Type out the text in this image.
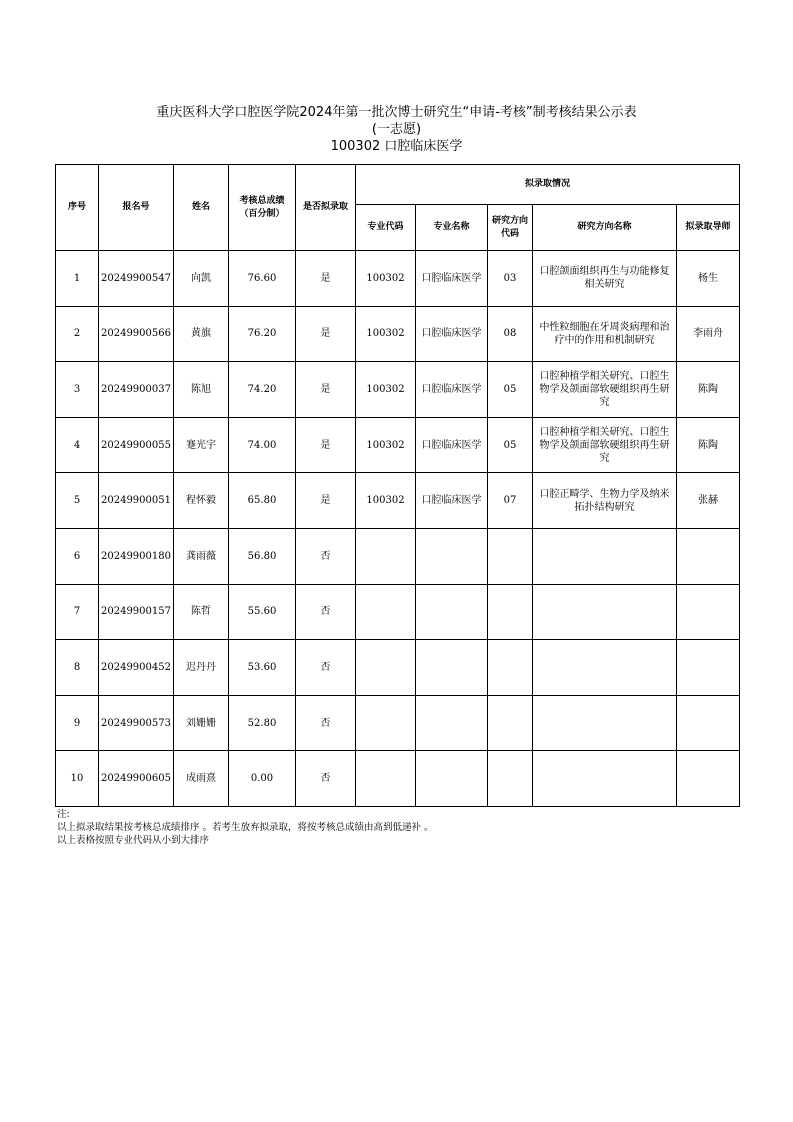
重庆医科大学口腔医学院2024年第一批次博士研究生“申请-考核”制考核结果公示表
(一志愿)
100302 口腔临床医学
序号	报名号	姓名	考核总成绩（百分制）	是否拟录取	拟录取情况				
					专业代码	专业名称	研究方向代码	研究方向名称	拟录取导师
1	20249900547	向凯	76.60	是	100302	口腔临床医学	03	口腔颌面组织再生与功能修复相关研究	杨生
2	20249900566	黄旗	76.20	是	100302	口腔临床医学	08	中性粒细胞在牙周炎病理和治疗中的作用和机制研究	李雨舟
3	20249900037	陈旭	74.20	是	100302	口腔临床医学	05	口腔种植学相关研究、口腔生物学及颌面部软硬组织再生研究	陈陶
4	20249900055	蹇光宇	74.00	是	100302	口腔临床医学	05	口腔种植学相关研究、口腔生物学及颌面部软硬组织再生研究	陈陶
5	20249900051	程怀毅	65.80	是	100302	口腔临床医学	07	口腔正畸学、生物力学及纳米拓扑结构研究	张赫
6	20249900180	龚雨薇	56.80	否					
7	20249900157	陈哲	55.60	否					
8	20249900452	迟丹丹	53.60	否					
9	20249900573	刘姗姗	52.80	否					
10	20249900605	成雨熹	0.00	否					
注:
以上拟录取结果按考核总成绩排序 。若考生放弃拟录取，将按考核总成绩由高到低递补 。
以上表格按照专业代码从小到大排序
